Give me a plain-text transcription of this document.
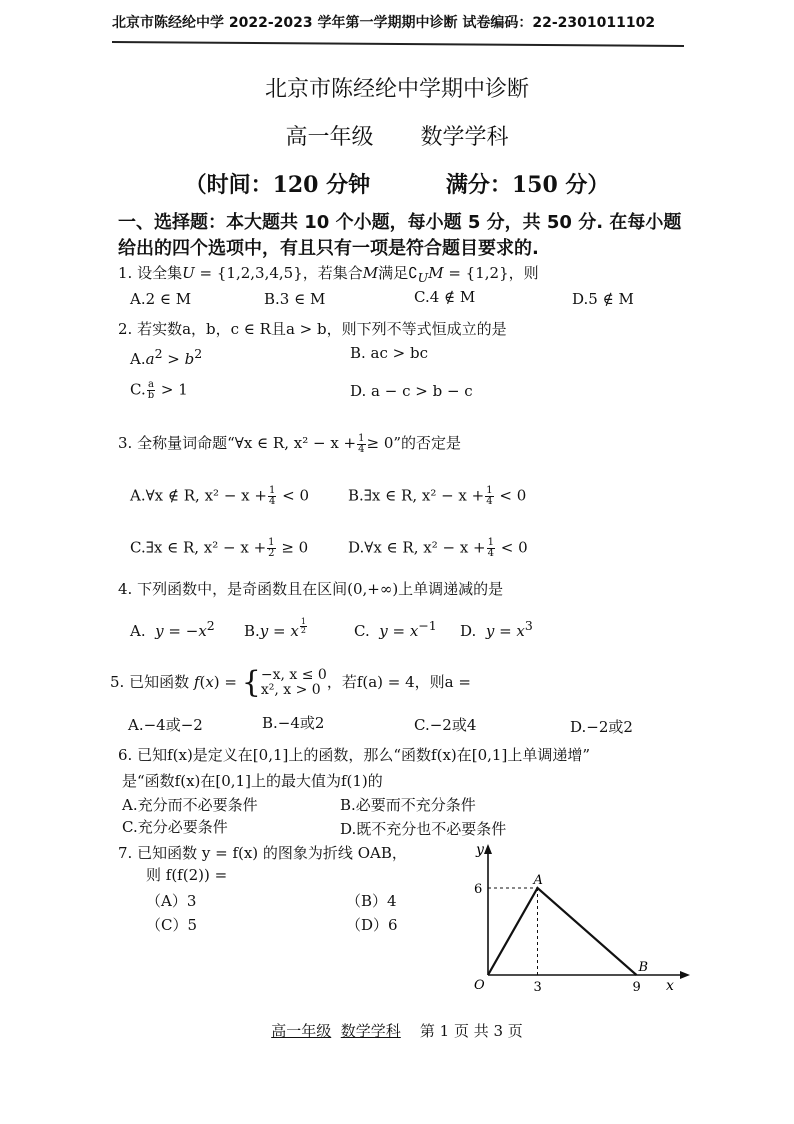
北京市陈经纶中学 2022-2023 学年第一学期期中诊断 试卷编码：22-2301011102
北京市陈经纶中学期中诊断
高一年级 数学学科
（时间：120 分钟	满分：150 分）
一、选择题：本大题共 10 个小题，每小题 5 分，共 50 分. 在每小题给出的四个选项中，有且只有一项是符合题目要求的.
1. 设全集U = {1,2,3,4,5}，若集合M满足$∁_UM = \{1,2\}$，则
A.2 ∈ M	B.3 ∈ M	C.4 ∉ M	D.5 ∉ M
2. 若实数a，b，c ∈ R且a > b，则下列不等式恒成立的是
$A.a^2 > b^2$	B. ac > bc
C. $\frac{a}{b} > 1$	D. a − c > b − c
3. 全称量词命题“∀x ∈ R, $x^2 - x + \frac{1}{4} \ge 0$”的否定是
A.∀x ∉ R, $x^2 - x + \frac{1}{4} < 0$	B.∃x ∈ R, $x^2 - x + \frac{1}{4} < 0$
C.∃x ∈ R, $x^2 - x + \frac{1}{2} \ge 0$	D.∀x ∈ R, $x^2 - x + \frac{1}{4} < 0$
4. 下列函数中，是奇函数且在区间(0,+∞)上单调递减的是
A. $y = -x^2$ B.y = x $^{\frac{1}{2}}$	C. $y = x^{-1}$ D. $y = x^3$
5. 已知函数 f(x) = { −x, x ≤ 0
x², x > 0 ，若f(a) = 4，则a =
A.−4或−2	B.−4或2	C.−2或4	D.−2或2
6. 已知f(x)是定义在[0,1]上的函数，那么“函数f(x)在[0,1]上单调递增”
是“函数f(x)在[0,1]上的最大值为f(1)的
A.充分而不必要条件	B.必要而不充分条件
C.充分必要条件	D.既不充分也不必要条件
7. 已知函数 y = f(x) 的图象为折线 OAB，
则 f(f(2)) =
（A）3	（B）4
（C）5	（D）6
y
x
O
A
B
6
3	9
高一年级 数学学科 第 1 页 共 3 页
